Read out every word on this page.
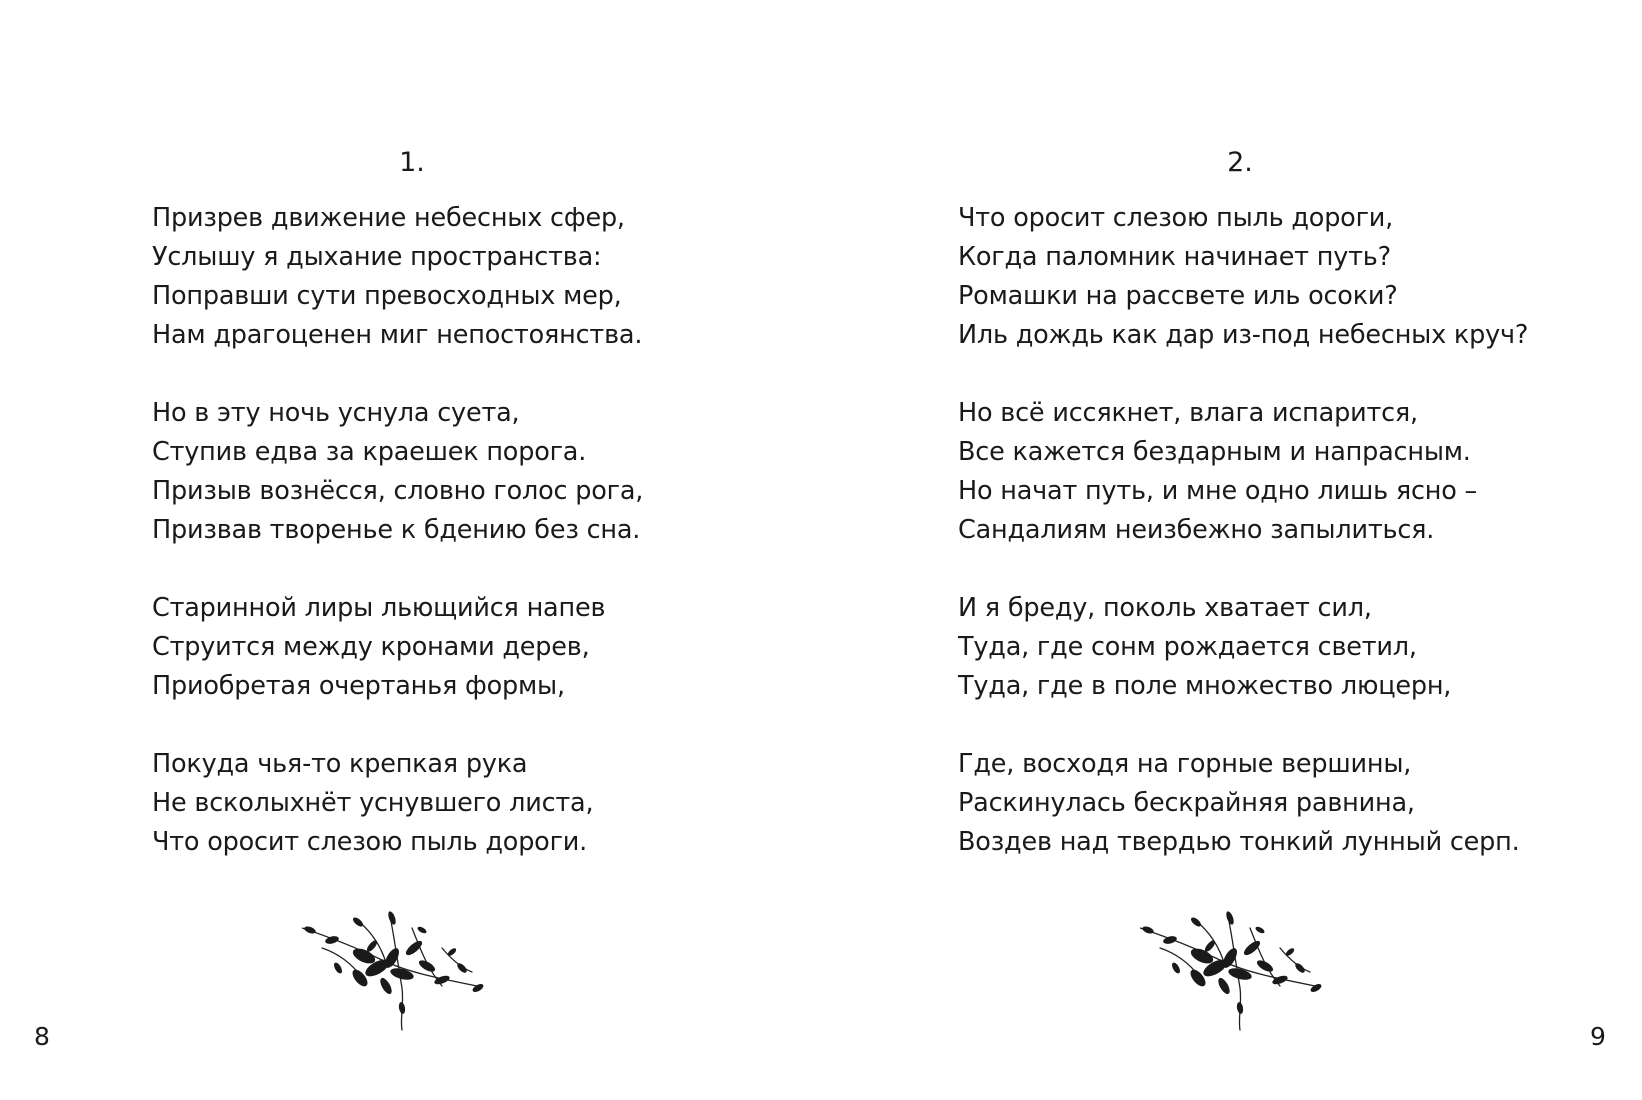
1.
Призрев движение небесных сфер,
Услышу я дыхание пространства:
Поправши сути превосходных мер,
Нам драгоценен миг непостоянства.
Но в эту ночь уснула суета,
Ступив едва за краешек порога.
Призыв вознёсся, словно голос рога,
Призвав творенье к бдению без сна.
Старинной лиры льющийся напев
Струится между кронами дерев,
Приобретая очертанья формы,
Покуда чья-то крепкая рука
Не всколыхнёт уснувшего листа,
Что оросит слезою пыль дороги.
8
2.
Что оросит слезою пыль дороги,
Когда паломник начинает путь?
Ромашки на рассвете иль осоки?
Иль дождь как дар из-под небесных круч?
Но всё иссякнет, влага испарится,
Все кажется бездарным и напрасным.
Но начат путь, и мне одно лишь ясно –
Сандалиям неизбежно запылиться.
И я бреду, поколь хватает сил,
Туда, где сонм рождается светил,
Туда, где в поле множество люцерн,
Где, восходя на горные вершины,
Раскинулась бескрайняя равнина,
Воздев над твердью тонкий лунный серп.
9
